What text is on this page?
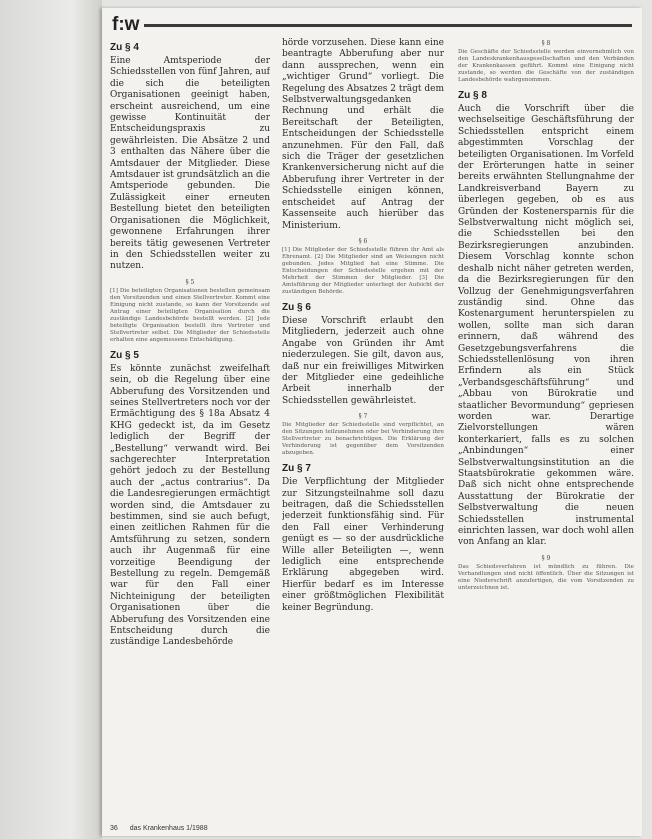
f:w
Zu § 4

Eine Amtsperiode der Schiedsstellen von fünf Jahren, auf die sich die beteiligten Organisationen geeinigt haben, erscheint ausreichend, um eine gewisse Kontinuität der Entscheidungspraxis zu gewährleisten. Die Absätze 2 und 3 enthalten das Nähere über die Amtsdauer der Mitglieder. Diese Amtsdauer ist grundsätzlich an die Amtsperiode gebunden. Die Zulässigkeit einer erneuten Bestellung bietet den beteiligten Organisationen die Möglichkeit, gewonnene Erfahrungen ihrer bereits tätig gewesenen Vertreter in den Schiedsstellen weiter zu nutzen.

§ 5

[1] Die beteiligten Organisationen bestellen gemeinsam den Vorsitzenden und einen Stellvertreter. Kommt eine Einigung nicht zustande, so kann der Vorsitzende auf Antrag einer beteiligten Organisation durch die zuständige Landesbehörde bestellt werden. [2] Jede beteiligte Organisation bestellt ihre Vertreter und Stellvertreter selbst. Die Mitglieder der Schiedsstelle erhalten eine angemessene Entschädigung.

Zu § 5

Es könnte zunächst zweifelhaft sein, ob die Regelung über eine Abberufung des Vorsitzenden und seines Stellvertreters noch vor der Ermächtigung des § 18a Absatz 4 KHG gedeckt ist, da im Gesetz lediglich der Begriff der „Bestellung“ verwandt wird. Bei sachgerechter Interpretation gehört jedoch zu der Bestellung auch der „actus contrarius“. Da die Landesregierungen ermächtigt worden sind, die Amtsdauer zu bestimmen, sind sie auch befugt, einen zeitlichen Rahmen für die Amtsführung zu setzen, sondern auch ihr Augenmaß für eine vorzeitige Beendigung der Bestellung zu regeln. Demgemäß war für den Fall einer Nichteinigung der beteiligten Organisationen über die Abberufung des Vorsitzenden eine Entscheidung durch die zuständige Landesbehörde

hörde vorzusehen. Diese kann eine beantragte Abberufung aber nur dann aussprechen, wenn ein „wichtiger Grund“ vorliegt. Die Regelung des Absatzes 2 trägt dem Selbstverwaltungsgedanken Rechnung und erhält die Bereitschaft der Beteiligten, Entscheidungen der Schiedsstelle anzunehmen. Für den Fall, daß sich die Träger der gesetzlichen Krankenversicherung nicht auf die Abberufung ihrer Vertreter in der Schiedsstelle einigen können, entscheidet auf Antrag der Kassenseite auch hierüber das Ministerium.

§ 6

[1] Die Mitglieder der Schiedsstelle führen ihr Amt als Ehrenamt. [2] Die Mitglieder sind an Weisungen nicht gebunden. Jedes Mitglied hat eine Stimme. Die Entscheidungen der Schiedsstelle ergehen mit der Mehrheit der Stimmen der Mitglieder. [3] Die Amtsführung der Mitglieder unterliegt der Aufsicht der zuständigen Behörde.

Zu § 6

Diese Vorschrift erlaubt den Mitgliedern, jederzeit auch ohne Angabe von Gründen ihr Amt niederzulegen. Sie gilt, davon aus, daß nur ein freiwilliges Mitwirken der Mitglieder eine gedeihliche Arbeit innerhalb der Schiedsstellen gewährleistet.

§ 7

Die Mitglieder der Schiedsstelle sind verpflichtet, an den Sitzungen teilzunehmen oder bei Verhinderung ihre Stellvertreter zu benachrichtigen. Die Erklärung der Verhinderung ist gegenüber dem Vorsitzenden abzugeben.

Zu § 7

Die Verpflichtung der Mitglieder zur Sitzungsteilnahme soll dazu beitragen, daß die Schiedsstellen jederzeit funktionsfähig sind. Für den Fall einer Verhinderung genügt es — so der ausdrückliche Wille aller Beteiligten —, wenn lediglich eine entsprechende Erklärung abgegeben wird. Hierfür bedarf es im Interesse einer größtmöglichen Flexibilität keiner Begründung.

§ 8

Die Geschäfte der Schiedsstelle werden einvernehmlich von den Landeskrankenhausgesellschaften und den Verbänden der Krankenkassen geführt. Kommt eine Einigung nicht zustande, so werden die Geschäfte von der zuständigen Landesbehörde wahrgenommen.

Zu § 8

Auch die Vorschrift über die wechselseitige Geschäftsführung der Schiedsstellen entspricht einem abgestimmten Vorschlag der beteiligten Organisationen. Im Vorfeld der Erörterungen hatte in seiner bereits erwähnten Stellungnahme der Landkreisverband Bayern zu überlegen gegeben, ob es aus Gründen der Kostenersparnis für die Selbstverwaltung nicht möglich sei, die Schiedsstellen bei den Bezirksregierungen anzubinden. Diesem Vorschlag konnte schon deshalb nicht näher getreten werden, da die Bezirksregierungen für den Vollzug der Genehmigungsverfahren zuständig sind. Ohne das Kostenargument herunterspielen zu wollen, sollte man sich daran erinnern, daß während des Gesetzgebungsverfahrens die Schiedsstellenlösung von ihren Erfindern als ein Stück „Verbandsgeschäftsführung“ und „Abbau von Bürokratie und staatlicher Bevormundung“ gepriesen worden war. Derartige Zielvorstellungen wären konterkariert, falls es zu solchen „Anbindungen“ einer Selbstverwaltungsinstitution an die Staatsbürokratie gekommen wäre. Daß sich nicht ohne entsprechende Ausstattung der Bürokratie der Selbstverwaltung die neuen Schiedsstellen instrumental einrichten lassen, war doch wohl allen von Anfang an klar.

§ 9

Das Schiedsverfahren ist mündlich zu führen. Die Verhandlungen sind nicht öffentlich. Über die Sitzungen ist eine Niederschrift anzufertigen, die vom Vorsitzenden zu unterzeichnen ist.

36 das Krankenhaus 1/1988
